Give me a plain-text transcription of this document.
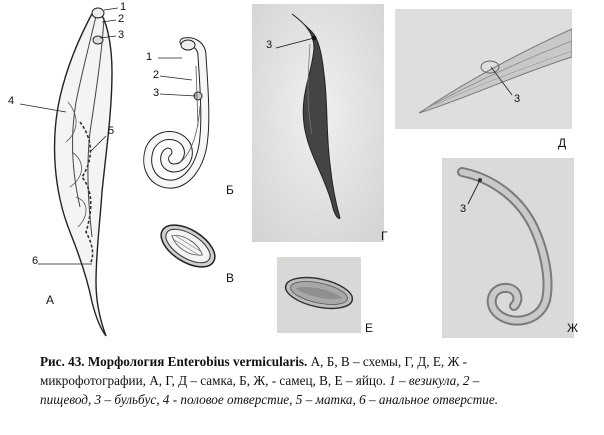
1
2
3
4
5
6
А
1
2
3
Б
В
3
Г
3
Д
Е
3
Ж
Рис. 43. Морфология Enterobius vermicularis. А, Б, В – схемы, Г, Д, Е, Ж -
микрофотографии, А, Г, Д – самка, Б, Ж, - самец, В, Е – яйцо. 1 – везикула, 2 –
пищевод, 3 – бульбус, 4 - половое отверстие, 5 – матка, 6 – анальное отверстие.
